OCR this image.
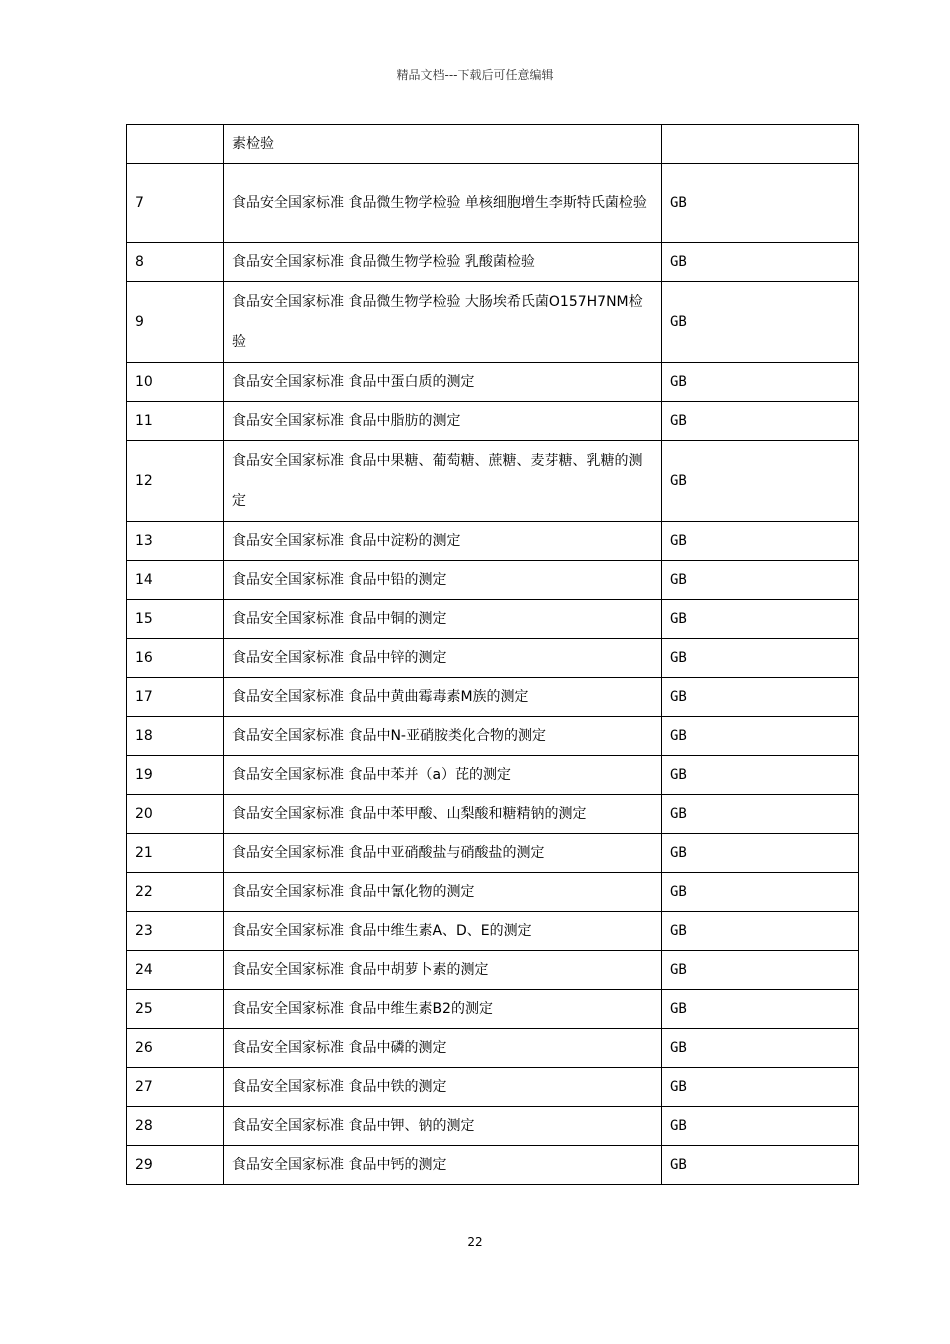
精品文档---下载后可任意编辑
	素检验	
7	食品安全国家标准 食品微生物学检验 单核细胞增生李斯特氏菌检验	GB
8	食品安全国家标准 食品微生物学检验 乳酸菌检验	GB
9	食品安全国家标准 食品微生物学检验 大肠埃希氏菌O157H7NM检验	GB
10	食品安全国家标准 食品中蛋白质的测定	GB
11	食品安全国家标准 食品中脂肪的测定	GB
12	食品安全国家标准 食品中果糖、葡萄糖、蔗糖、麦芽糖、乳糖的测定	GB
13	食品安全国家标准 食品中淀粉的测定	GB
14	食品安全国家标准 食品中铅的测定	GB
15	食品安全国家标准 食品中铜的测定	GB
16	食品安全国家标准 食品中锌的测定	GB
17	食品安全国家标准 食品中黄曲霉毒素M族的测定	GB
18	食品安全国家标准 食品中N-亚硝胺类化合物的测定	GB
19	食品安全国家标准 食品中苯并（a）芘的测定	GB
20	食品安全国家标准 食品中苯甲酸、山梨酸和糖精钠的测定	GB
21	食品安全国家标准 食品中亚硝酸盐与硝酸盐的测定	GB
22	食品安全国家标准 食品中氰化物的测定	GB
23	食品安全国家标准 食品中维生素A、D、E的测定	GB
24	食品安全国家标准 食品中胡萝卜素的测定	GB
25	食品安全国家标准 食品中维生素B2的测定	GB
26	食品安全国家标准 食品中磷的测定	GB
27	食品安全国家标准 食品中铁的测定	GB
28	食品安全国家标准 食品中钾、钠的测定	GB
29	食品安全国家标准 食品中钙的测定	GB
22
